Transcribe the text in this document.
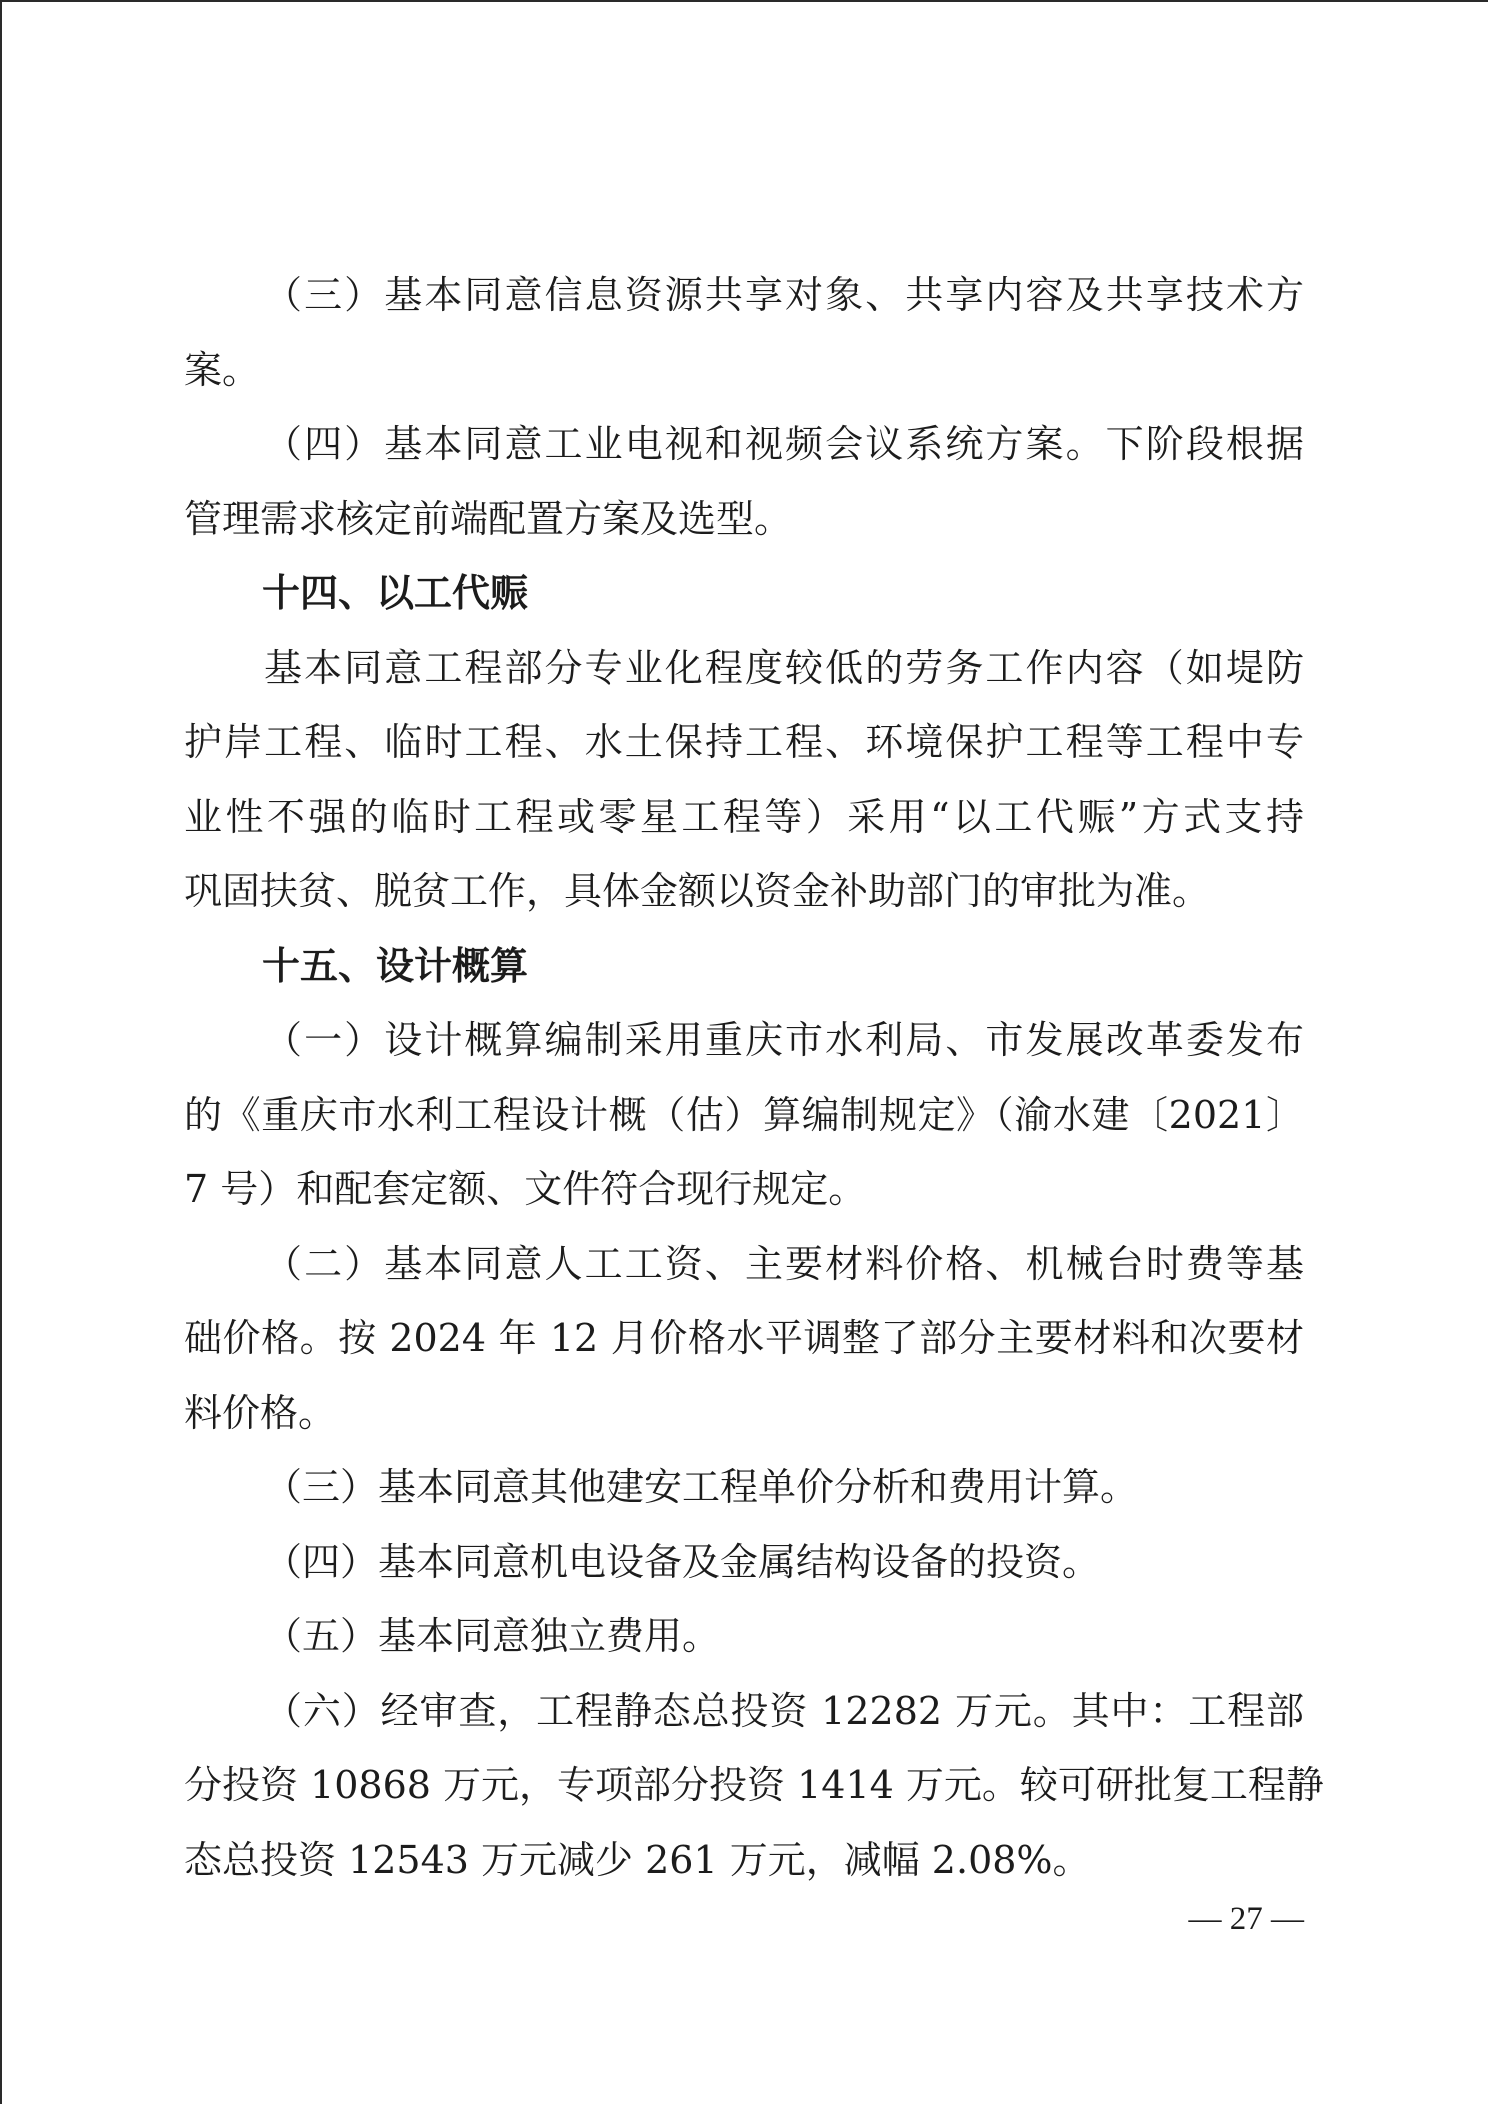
（三）基本同意信息资源共享对象、共享内容及共享技术方
案。
（四）基本同意工业电视和视频会议系统方案。下阶段根据
管理需求核定前端配置方案及选型。
十四、以工代赈
基本同意工程部分专业化程度较低的劳务工作内容（如堤防
护岸工程、临时工程、水土保持工程、环境保护工程等工程中专
业性不强的临时工程或零星工程等）采用“以工代赈”方式支持
巩固扶贫、脱贫工作，具体金额以资金补助部门的审批为准。
十五、设计概算
（一）设计概算编制采用重庆市水利局、市发展改革委发布
的《重庆市水利工程设计概（估）算编制规定》（渝水建〔2021〕
7 号）和配套定额、文件符合现行规定。
（二）基本同意人工工资、主要材料价格、机械台时费等基
础价格。按 2024 年 12 月价格水平调整了部分主要材料和次要材
料价格。
（三）基本同意其他建安工程单价分析和费用计算。
（四）基本同意机电设备及金属结构设备的投资。
（五）基本同意独立费用。
（六）经审查，工程静态总投资 12282 万元。其中：工程部
分投资 10868 万元，专项部分投资 1414 万元。较可研批复工程静
态总投资 12543 万元减少 261 万元，减幅 2.08%。
— 27 —
